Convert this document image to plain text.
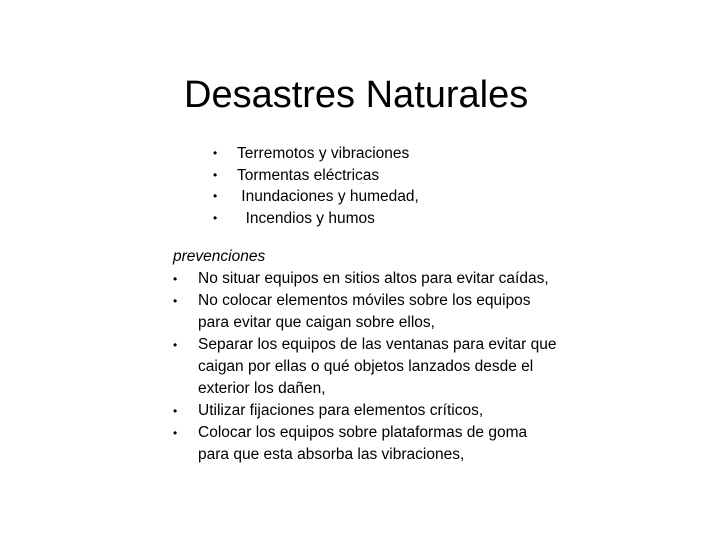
Desastres Naturales
•	Terremotos y vibraciones
•	Tormentas eléctricas
•	Inundaciones y humedad,
•	Incendios y humos
prevenciones
•	No situar equipos en sitios altos para evitar caídas,
•	No colocar elementos móviles sobre los equipos
para evitar que caigan sobre ellos,
•	Separar los equipos de las ventanas para evitar que
caigan por ellas o qué objetos lanzados desde el
exterior los dañen,
•	Utilizar fijaciones para elementos críticos,
•	Colocar los equipos sobre plataformas de goma
para que esta absorba las vibraciones,
